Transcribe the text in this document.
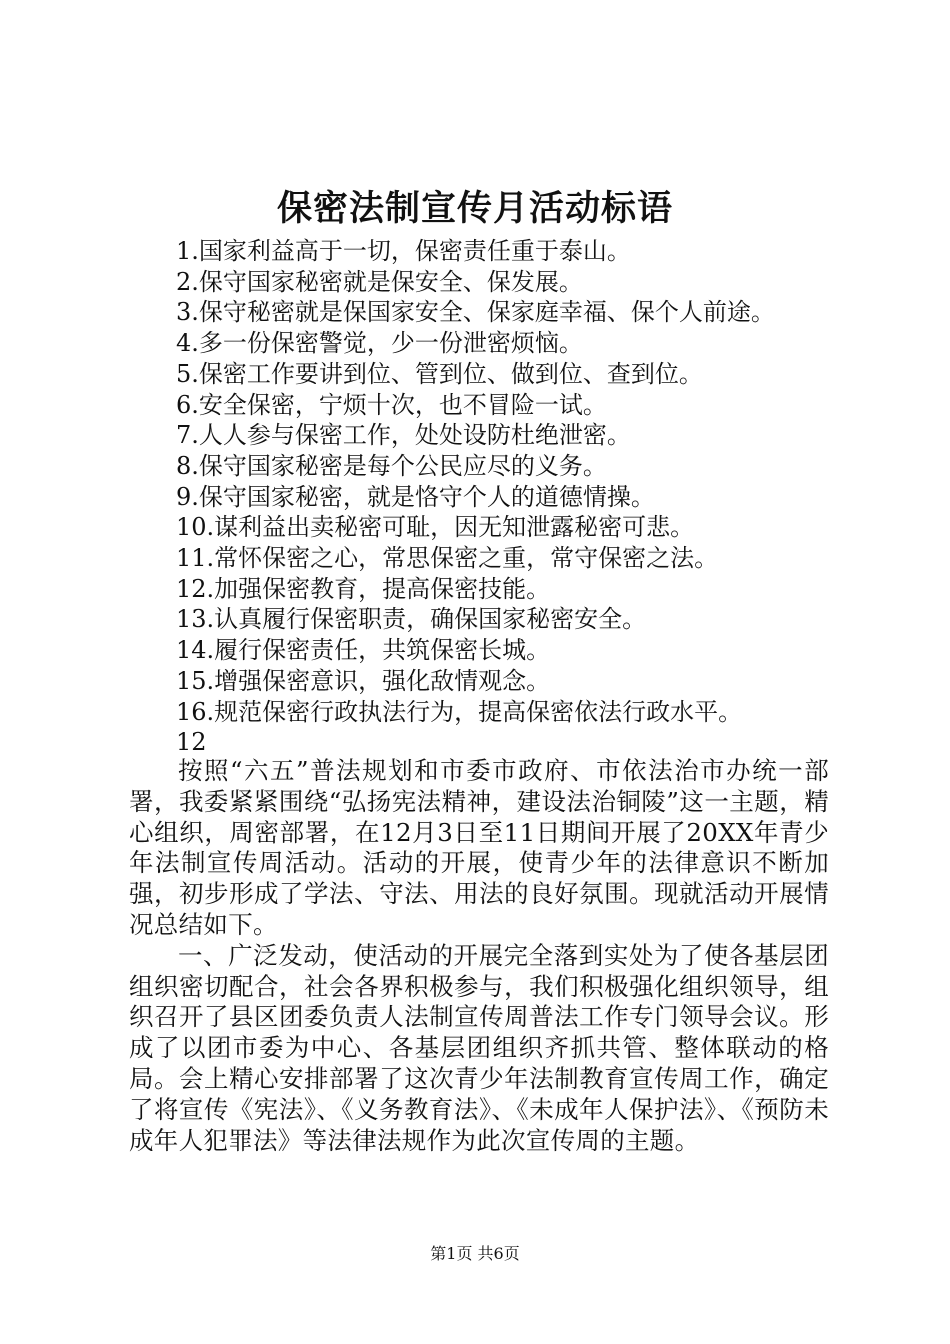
保密法制宣传月活动标语
1.国家利益高于一切，保密责任重于泰山。
2.保守国家秘密就是保安全、保发展。
3.保守秘密就是保国家安全、保家庭幸福、保个人前途。
4.多一份保密警觉，少一份泄密烦恼。
5.保密工作要讲到位、管到位、做到位、查到位。
6.安全保密，宁烦十次，也不冒险一试。
7.人人参与保密工作，处处设防杜绝泄密。
8.保守国家秘密是每个公民应尽的义务。
9.保守国家秘密，就是恪守个人的道德情操。
10.谋利益出卖秘密可耻，因无知泄露秘密可悲。
11.常怀保密之心，常思保密之重，常守保密之法。
12.加强保密教育，提高保密技能。
13.认真履行保密职责，确保国家秘密安全。
14.履行保密责任，共筑保密长城。
15.增强保密意识，强化敌情观念。
16.规范保密行政执法行为，提高保密依法行政水平。
12

按照“六五”普法规划和市委市政府、市依法治市办统一部署，我委紧紧围绕“弘扬宪法精神，建设法治铜陵”这一主题，精心组织，周密部署，在12月3日至11日期间开展了20XX年青少年法制宣传周活动。活动的开展，使青少年的法律意识不断加强，初步形成了学法、守法、用法的良好氛围。现就活动开展情况总结如下。

一、广泛发动，使活动的开展完全落到实处为了使各基层团组织密切配合，社会各界积极参与，我们积极强化组织领导，组织召开了县区团委负责人法制宣传周普法工作专门领导会议。形成了以团市委为中心、各基层团组织齐抓共管、整体联动的格局。会上精心安排部署了这次青少年法制教育宣传周工作，确定了将宣传《宪法》、《义务教育法》、《未成年人保护法》、《预防未成年人犯罪法》等法律法规作为此次宣传周的主题。

第1页 共6页
